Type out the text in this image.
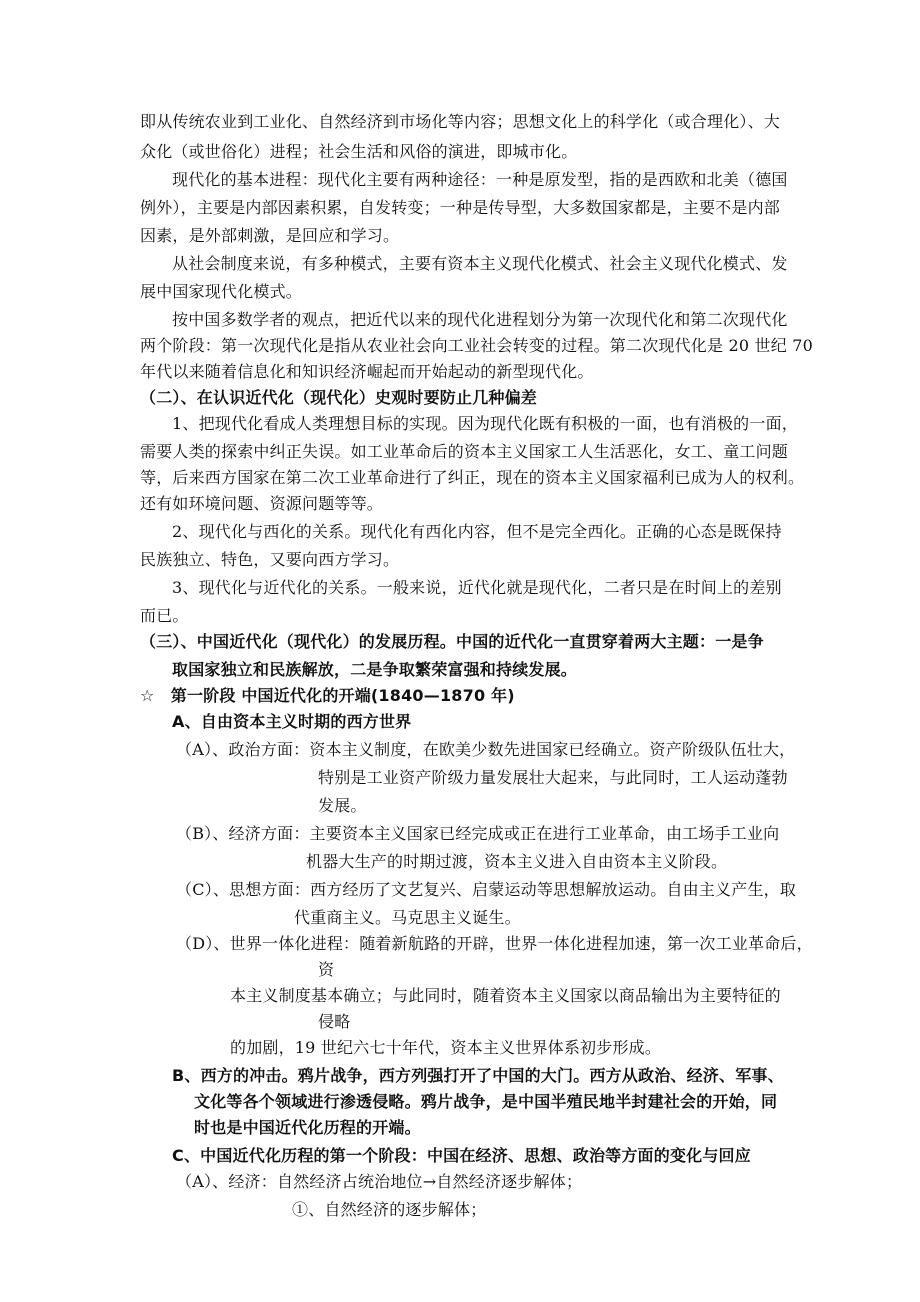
即从传统农业到工业化、自然经济到市场化等内容；思想文化上的科学化（或合理化）、大
众化（或世俗化）进程；社会生活和风俗的演进，即城市化。
现代化的基本进程：现代化主要有两种途径：一种是原发型，指的是西欧和北美（德国
例外），主要是内部因素积累，自发转变；一种是传导型，大多数国家都是，主要不是内部
因素，是外部刺激，是回应和学习。
从社会制度来说，有多种模式，主要有资本主义现代化模式、社会主义现代化模式、发
展中国家现代化模式。
按中国多数学者的观点，把近代以来的现代化进程划分为第一次现代化和第二次现代化
两个阶段：第一次现代化是指从农业社会向工业社会转变的过程。第二次现代化是 20 世纪 70
年代以来随着信息化和知识经济崛起而开始起动的新型现代化。
（二）、在认识近代化（现代化）史观时要防止几种偏差
1、把现代化看成人类理想目标的实现。因为现代化既有积极的一面，也有消极的一面，
需要人类的探索中纠正失误。如工业革命后的资本主义国家工人生活恶化，女工、童工问题
等，后来西方国家在第二次工业革命进行了纠正，现在的资本主义国家福利已成为人的权利。
还有如环境问题、资源问题等等。
2、现代化与西化的关系。现代化有西化内容，但不是完全西化。正确的心态是既保持
民族独立、特色，又要向西方学习。
3、现代化与近代化的关系。一般来说，近代化就是现代化，二者只是在时间上的差别
而已。
（三）、中国近代化（现代化）的发展历程。中国的近代化一直贯穿着两大主题：一是争
取国家独立和民族解放，二是争取繁荣富强和持续发展。
☆　第一阶段 中国近代化的开端(1840—1870 年)
A、自由资本主义时期的西方世界
（A）、政治方面：资本主义制度，在欧美少数先进国家已经确立。资产阶级队伍壮大，
特别是工业资产阶级力量发展壮大起来，与此同时，工人运动蓬勃
发展。
（B）、经济方面：主要资本主义国家已经完成或正在进行工业革命，由工场手工业向
机器大生产的时期过渡，资本主义进入自由资本主义阶段。
（C）、思想方面：西方经历了文艺复兴、启蒙运动等思想解放运动。自由主义产生，取
代重商主义。马克思主义诞生。
（D）、世界一体化进程：随着新航路的开辟，世界一体化进程加速，第一次工业革命后，
资
本主义制度基本确立；与此同时，随着资本主义国家以商品输出为主要特征的
侵略
的加剧，19 世纪六七十年代，资本主义世界体系初步形成。
B、西方的冲击。鸦片战争，西方列强打开了中国的大门。西方从政治、经济、军事、
文化等各个领域进行渗透侵略。鸦片战争，是中国半殖民地半封建社会的开始，同
时也是中国近代化历程的开端。
C、中国近代化历程的第一个阶段：中国在经济、思想、政治等方面的变化与回应
（A）、经济：自然经济占统治地位→自然经济逐步解体；
①、自然经济的逐步解体；
